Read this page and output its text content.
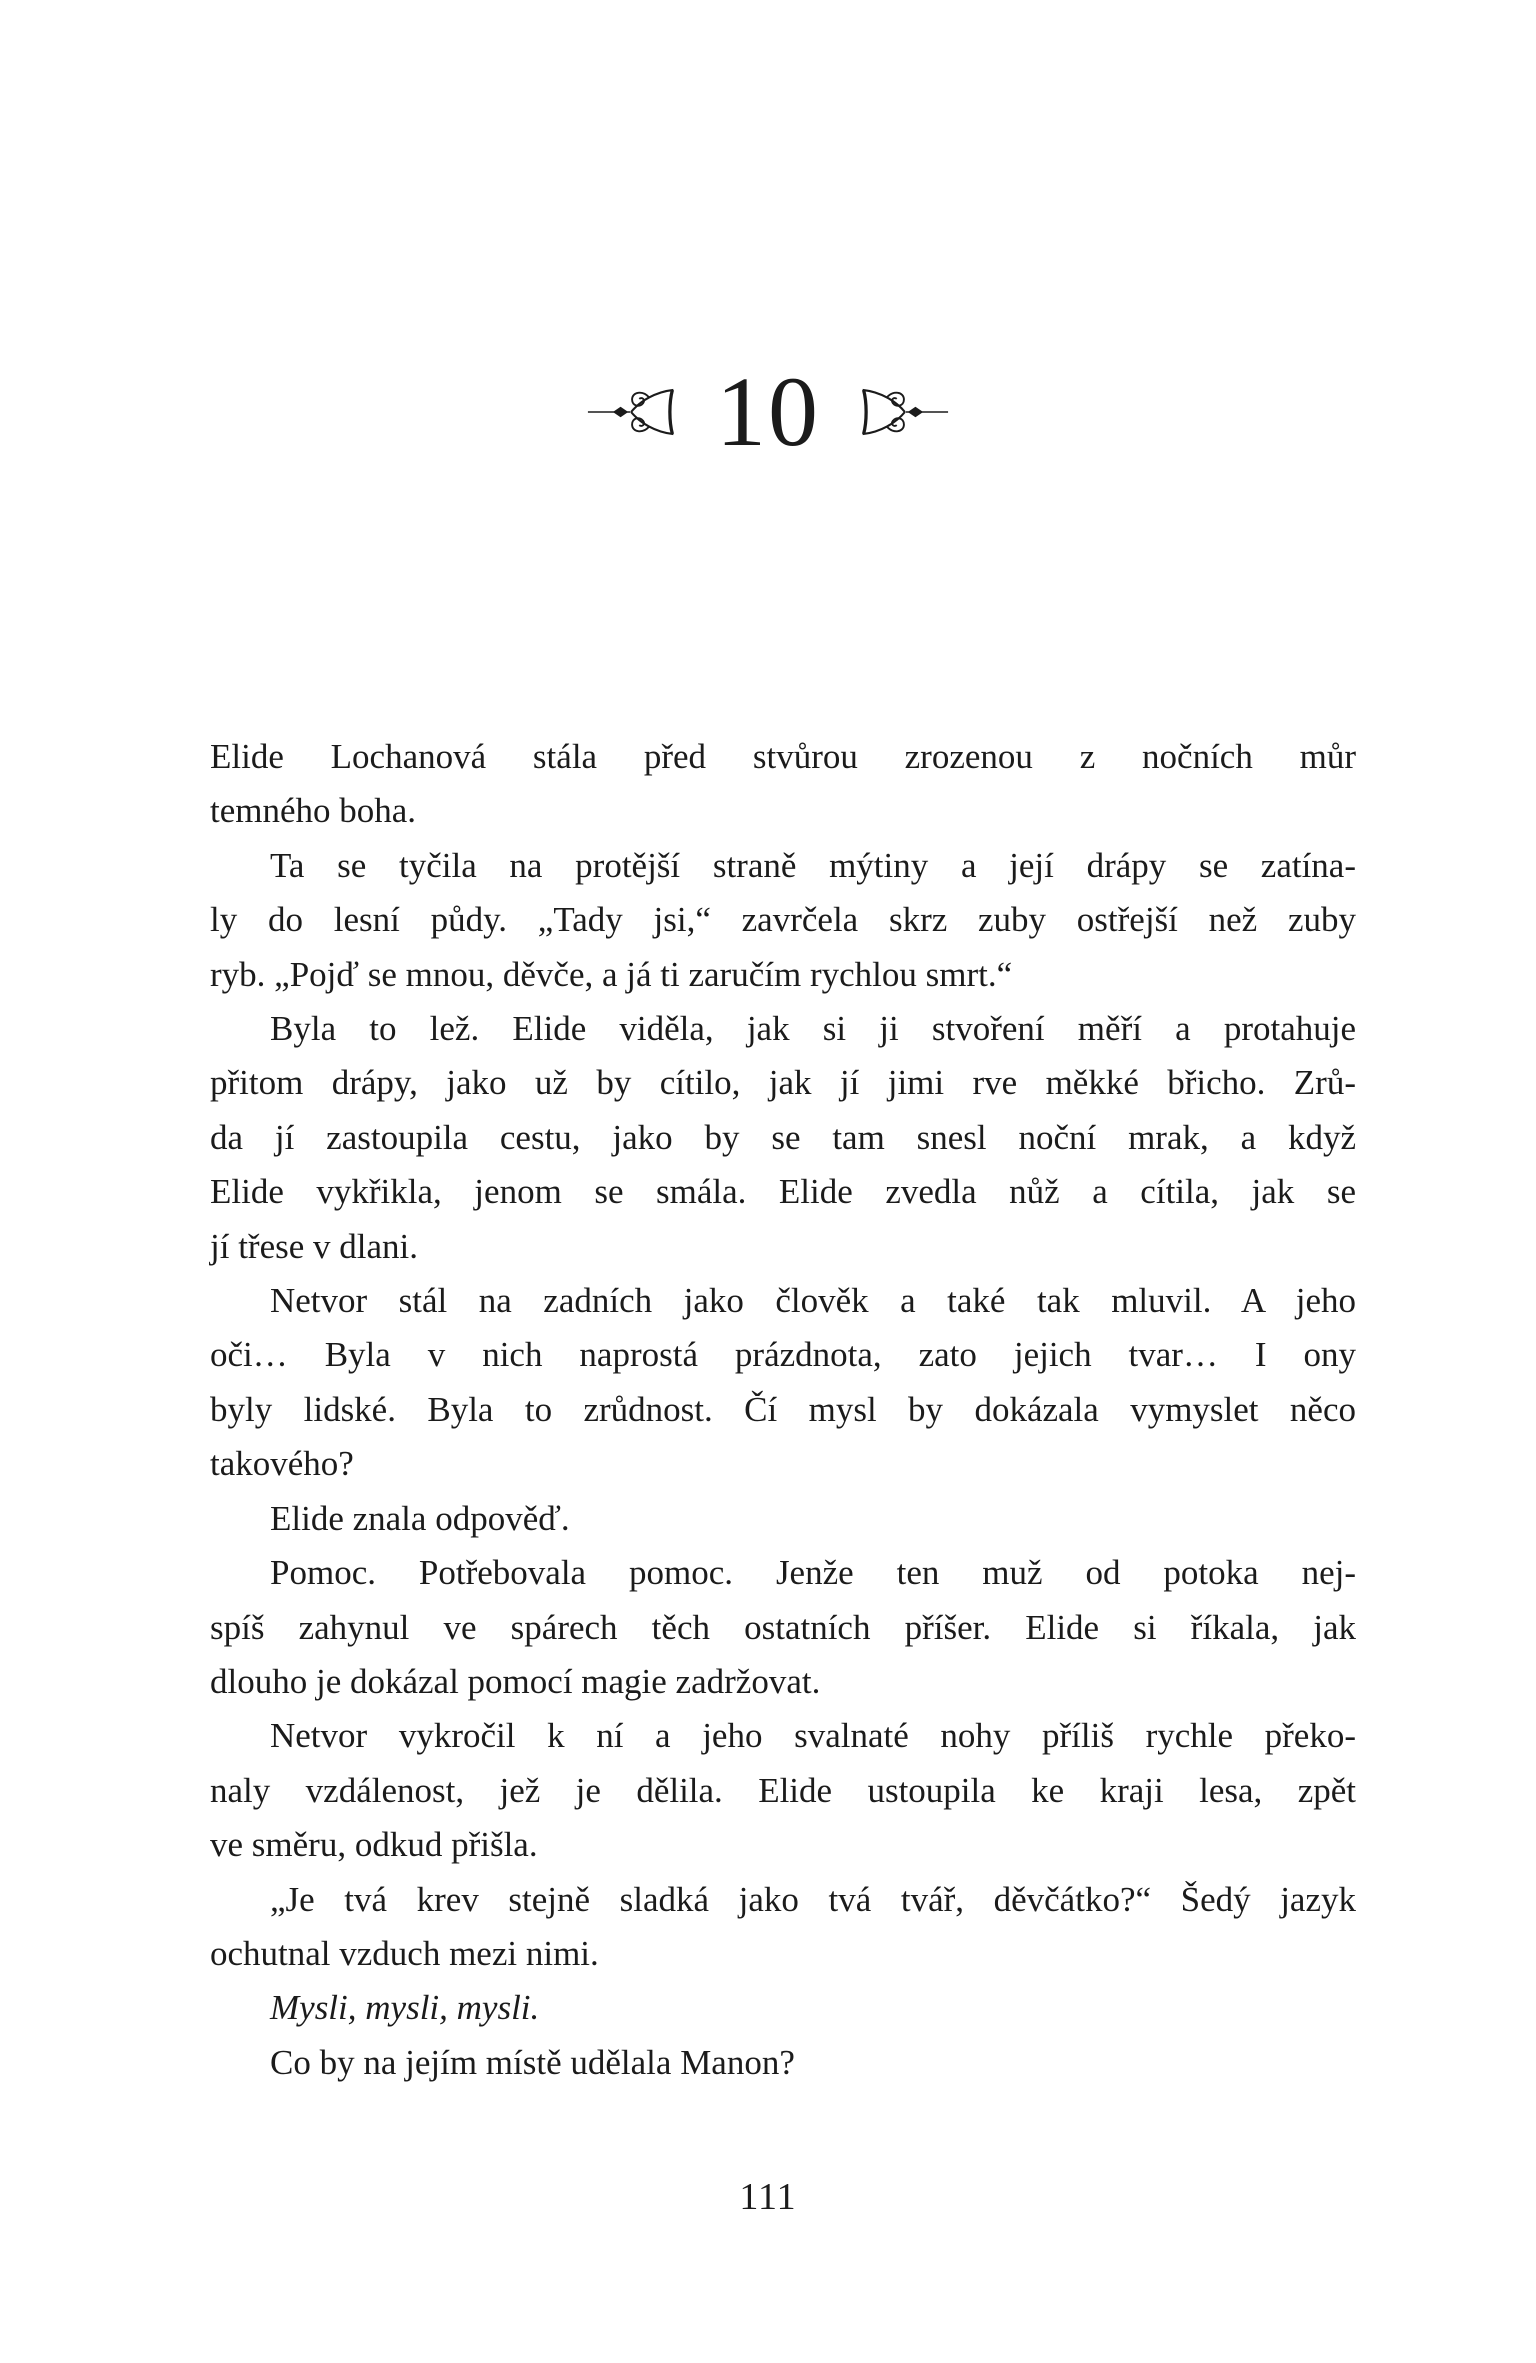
10
Elide Lochanová stála před stvůrou zrozenou z nočních můr
temného boha.
Ta se tyčila na protější straně mýtiny a její drápy se zatína-
ly do lesní půdy. „Tady jsi,“ zavrčela skrz zuby ostřejší než zuby
ryb. „Pojď se mnou, děvče, a já ti zaručím rychlou smrt.“
Byla to lež. Elide viděla, jak si ji stvoření měří a protahuje
přitom drápy, jako už by cítilo, jak jí jimi rve měkké břicho. Zrů-
da jí zastoupila cestu, jako by se tam snesl noční mrak, a když
Elide vykřikla, jenom se smála. Elide zvedla nůž a cítila, jak se
jí třese v dlani.
Netvor stál na zadních jako člověk a také tak mluvil. A jeho
oči… Byla v nich naprostá prázdnota, zato jejich tvar… I ony
byly lidské. Byla to zrůdnost. Čí mysl by dokázala vymyslet něco
takového?
Elide znala odpověď.
Pomoc. Potřebovala pomoc. Jenže ten muž od potoka nej-
spíš zahynul ve spárech těch ostatních příšer. Elide si říkala, jak
dlouho je dokázal pomocí magie zadržovat.
Netvor vykročil k ní a jeho svalnaté nohy příliš rychle překo-
naly vzdálenost, jež je dělila. Elide ustoupila ke kraji lesa, zpět
ve směru, odkud přišla.
„Je tvá krev stejně sladká jako tvá tvář, děvčátko?“ Šedý jazyk
ochutnal vzduch mezi nimi.
Mysli, mysli, mysli.
Co by na jejím místě udělala Manon?
111
